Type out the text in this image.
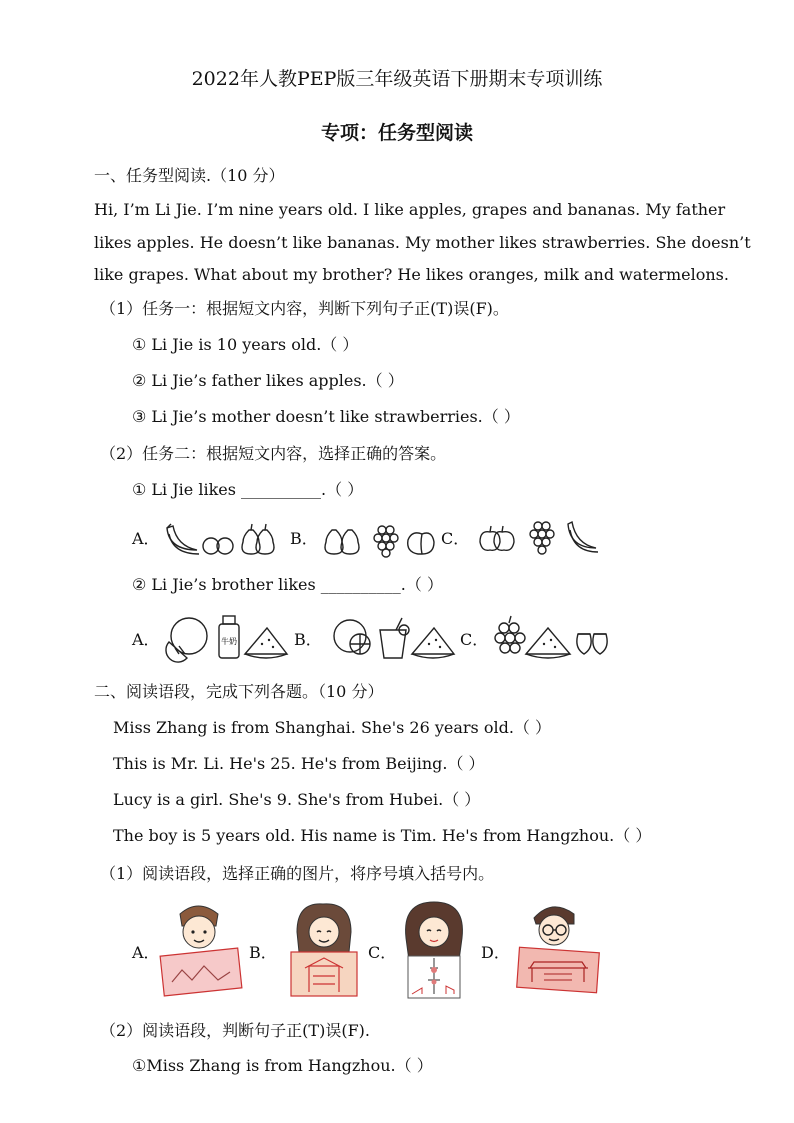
2022年人教PEP版三年级英语下册期末专项训练
专项：任务型阅读
一、任务型阅读.（10 分）
Hi, I’m Li Jie. I’m nine years old. I like apples, grapes and bananas. My father
likes apples. He doesn’t like bananas. My mother likes strawberries. She doesn’t
like grapes. What about my brother? He likes oranges, milk and watermelons.
（1）任务一：根据短文内容，判断下列句子正(T)误(F)。
① Li Jie is 10 years old.（ ）
② Li Jie’s father likes apples.（ ）
③ Li Jie’s mother doesn’t like strawberries.（ ）
（2）任务二：根据短文内容，选择正确的答案。
① Li Jie likes __________.（ ）
A．	B．	C．
② Li Jie’s brother likes __________.（ ）
A．	牛奶	B．	C．
二、阅读语段，完成下列各题。（10 分）
Miss Zhang is from Shanghai. She's 26 years old.（ ）
This is Mr. Li. He's 25. He's from Beijing.（ ）
Lucy is a girl. She's 9. She's from Hubei.（ ）
The boy is 5 years old. His name is Tim. He's from Hangzhou.（ ）
（1）阅读语段，选择正确的图片，将序号填入括号内。
A．	B．	C．	D．
（2）阅读语段，判断句子正(T)误(F).
①Miss Zhang is from Hangzhou.（ ）
